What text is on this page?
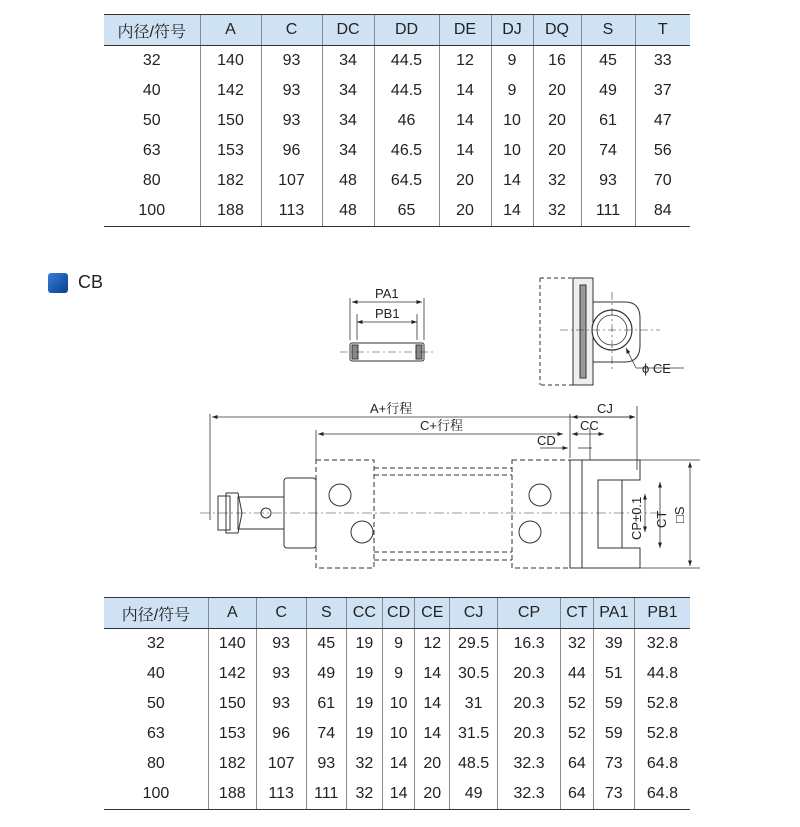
内径/符号	A	C	DC	DD	DE	DJ	DQ	S	T
32	140	93	34	44.5	12	9	16	45	33
40	142	93	34	44.5	14	9	20	49	37
50	150	93	34	46	14	10	20	61	47
63	153	96	34	46.5	14	10	20	74	56
80	182	107	48	64.5	20	14	32	93	70
100	188	113	48	65	20	14	32	111	84
CB
PA1
PB1
ϕ CE
A+行程
C+行程
CJ
CC
CD
CP±0.1 CT □S
内径/符号	A	C	S	CC	CD	CE	CJ	CP	CT	PA1	PB1
32	140	93	45	19	9	12	29.5	16.3	32	39	32.8
40	142	93	49	19	9	14	30.5	20.3	44	51	44.8
50	150	93	61	19	10	14	31	20.3	52	59	52.8
63	153	96	74	19	10	14	31.5	20.3	52	59	52.8
80	182	107	93	32	14	20	48.5	32.3	64	73	64.8
100	188	113	111	32	14	20	49	32.3	64	73	64.8
